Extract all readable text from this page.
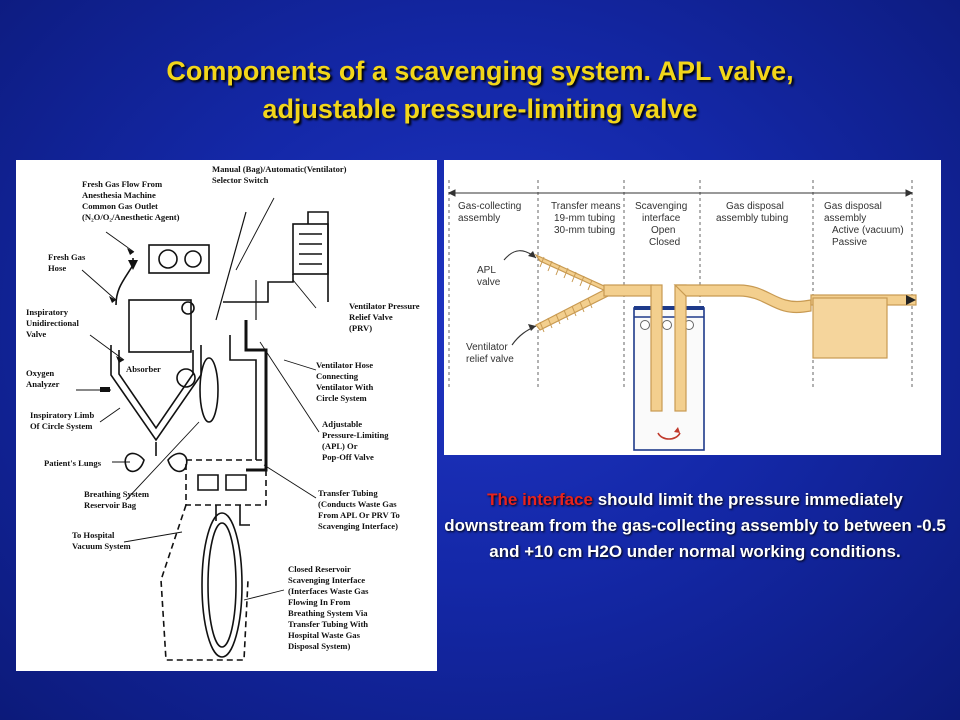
Components of a scavenging system. APL valve,
adjustable pressure-limiting valve
Manual (Bag)/Automatic(Ventilator) Selector Switch
Fresh Gas Flow From Anesthesia Machine Common Gas Outlet (N₂O/O₂/Anesthetic Agent)
Fresh Gas Hose
Inspiratory Unidirectional Valve
Absorber
Oxygen Analyzer
Inspiratory Limb Of Circle System
Patient's Lungs
Breathing System Reservoir Bag
To Hospital Vacuum System
Ventilator Pressure Relief Valve (PRV)
Ventilator Hose Connecting Ventilator With Circle System
Adjustable Pressure-Limiting (APL) Or Pop-Off Valve
Transfer Tubing (Conducts Waste Gas From APL Or PRV To Scavenging Interface)
Closed Reservoir Scavenging Interface (Interfaces Waste Gas Flowing In From Breathing System Via Transfer Tubing With Hospital Waste Gas Disposal System)
Gas-collecting assembly
Transfer means 19-mm tubing 30-mm tubing
Scavenging interface Open Closed
Gas disposal assembly tubing
Gas disposal assembly Active (vacuum) Passive
APL valve
Ventilator relief valve
The interface should limit the pressure immediately downstream from the gas-collecting assembly to between -0.5 and +10 cm H2O under normal working conditions.
